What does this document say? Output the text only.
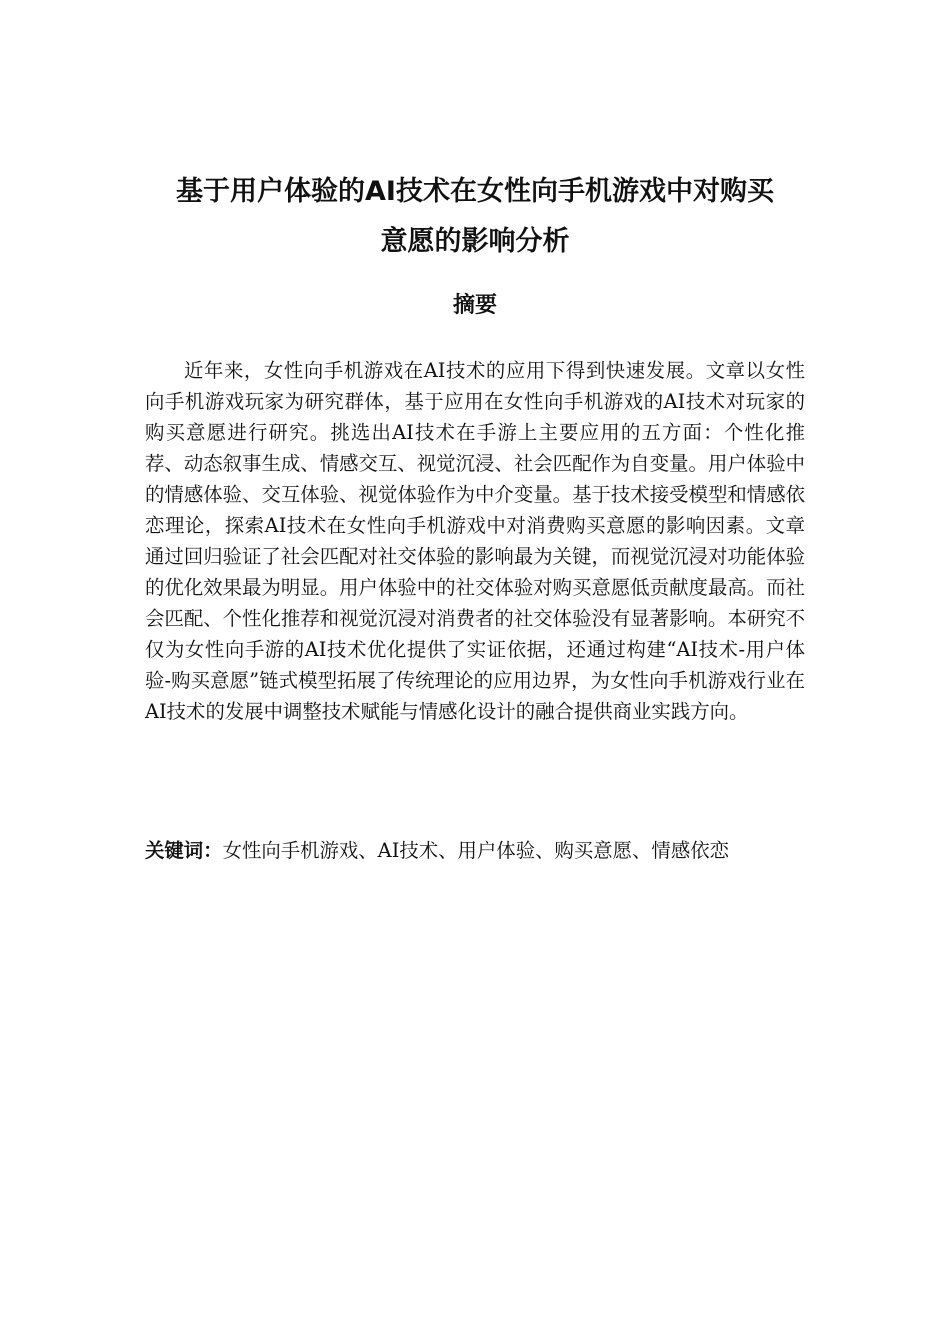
基于用户体验的AI技术在女性向手机游戏中对购买
意愿的影响分析
摘要

近年来，女性向手机游戏在AI技术的应用下得到快速发展。文章以女性向手机游戏玩家为研究群体，基于应用在女性向手机游戏的AI技术对玩家的购买意愿进行研究。挑选出AI技术在手游上主要应用的五方面：个性化推荐、动态叙事生成、情感交互、视觉沉浸、社会匹配作为自变量。用户体验中的情感体验、交互体验、视觉体验作为中介变量。基于技术接受模型和情感依恋理论，探索AI技术在女性向手机游戏中对消费购买意愿的影响因素。文章通过回归验证了社会匹配对社交体验的影响最为关键，而视觉沉浸对功能体验的优化效果最为明显。用户体验中的社交体验对购买意愿低贡献度最高。而社会匹配、个性化推荐和视觉沉浸对消费者的社交体验没有显著影响。本研究不仅为女性向手游的AI技术优化提供了实证依据，还通过构建“AI技术-用户体验-购买意愿”链式模型拓展了传统理论的应用边界，为女性向手机游戏行业在AI技术的发展中调整技术赋能与情感化设计的融合提供商业实践方向。

关键词：女性向手机游戏、AI技术、用户体验、购买意愿、情感依恋
